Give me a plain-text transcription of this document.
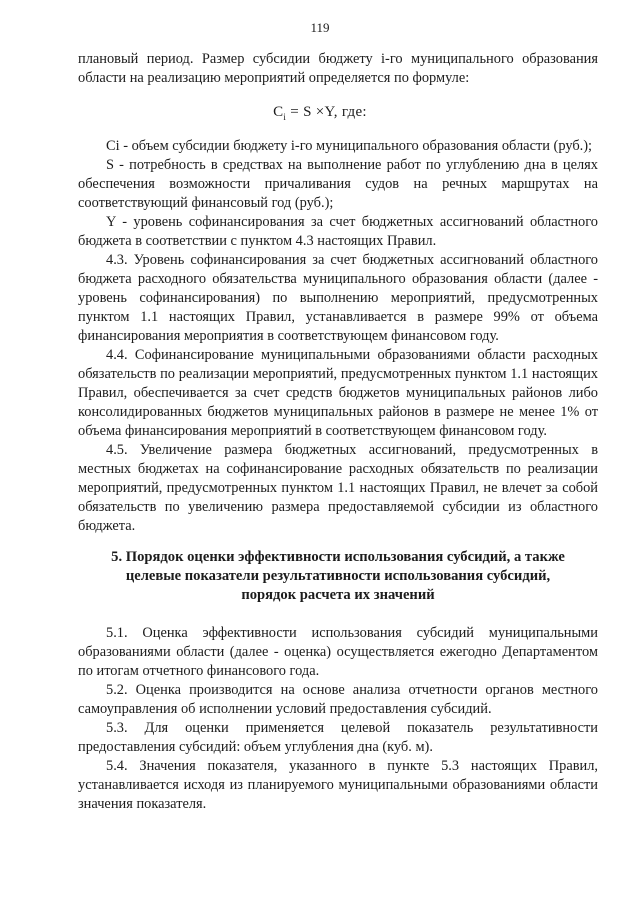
119

плановый период. Размер субсидии бюджету i-го муниципального образования области на реализацию мероприятий определяется по формуле:

$C_i = S \times Y$, где:

Ci - объем субсидии бюджету i-го муниципального образования области (руб.);

S - потребность в средствах на выполнение работ по углублению дна в целях обеспечения возможности причаливания судов на речных маршрутах на соответствующий финансовый год (руб.);

Y - уровень софинансирования за счет бюджетных ассигнований областного бюджета в соответствии с пунктом 4.3 настоящих Правил.

4.3. Уровень софинансирования за счет бюджетных ассигнований областного бюджета расходного обязательства муниципального образования области (далее - уровень софинансирования) по выполнению мероприятий, предусмотренных пунктом 1.1 настоящих Правил, устанавливается в размере 99% от объема финансирования мероприятия в соответствующем финансовом году.

4.4. Софинансирование муниципальными образованиями области расходных обязательств по реализации мероприятий, предусмотренных пунктом 1.1 настоящих Правил, обеспечивается за счет средств бюджетов муниципальных районов либо консолидированных бюджетов муниципальных районов в размере не менее 1% от объема финансирования мероприятий в соответствующем финансовом году.

4.5. Увеличение размера бюджетных ассигнований, предусмотренных в местных бюджетах на софинансирование расходных обязательств по реализации мероприятий, предусмотренных пунктом 1.1 настоящих Правил, не влечет за собой обязательств по увеличению размера предоставляемой субсидии из областного бюджета.

5. Порядок оценки эффективности использования субсидий, а также
целевые показатели результативности использования субсидий,
порядок расчета их значений

5.1. Оценка эффективности использования субсидий муниципальными образованиями области (далее - оценка) осуществляется ежегодно Департаментом по итогам отчетного финансового года.

5.2. Оценка производится на основе анализа отчетности органов местного самоуправления об исполнении условий предоставления субсидий.

5.3. Для оценки применяется целевой показатель результативности предоставления субсидий: объем углубления дна (куб. м).

5.4. Значения показателя, указанного в пункте 5.3 настоящих Правил, устанавливается исходя из планируемого муниципальными образованиями области значения показателя.
